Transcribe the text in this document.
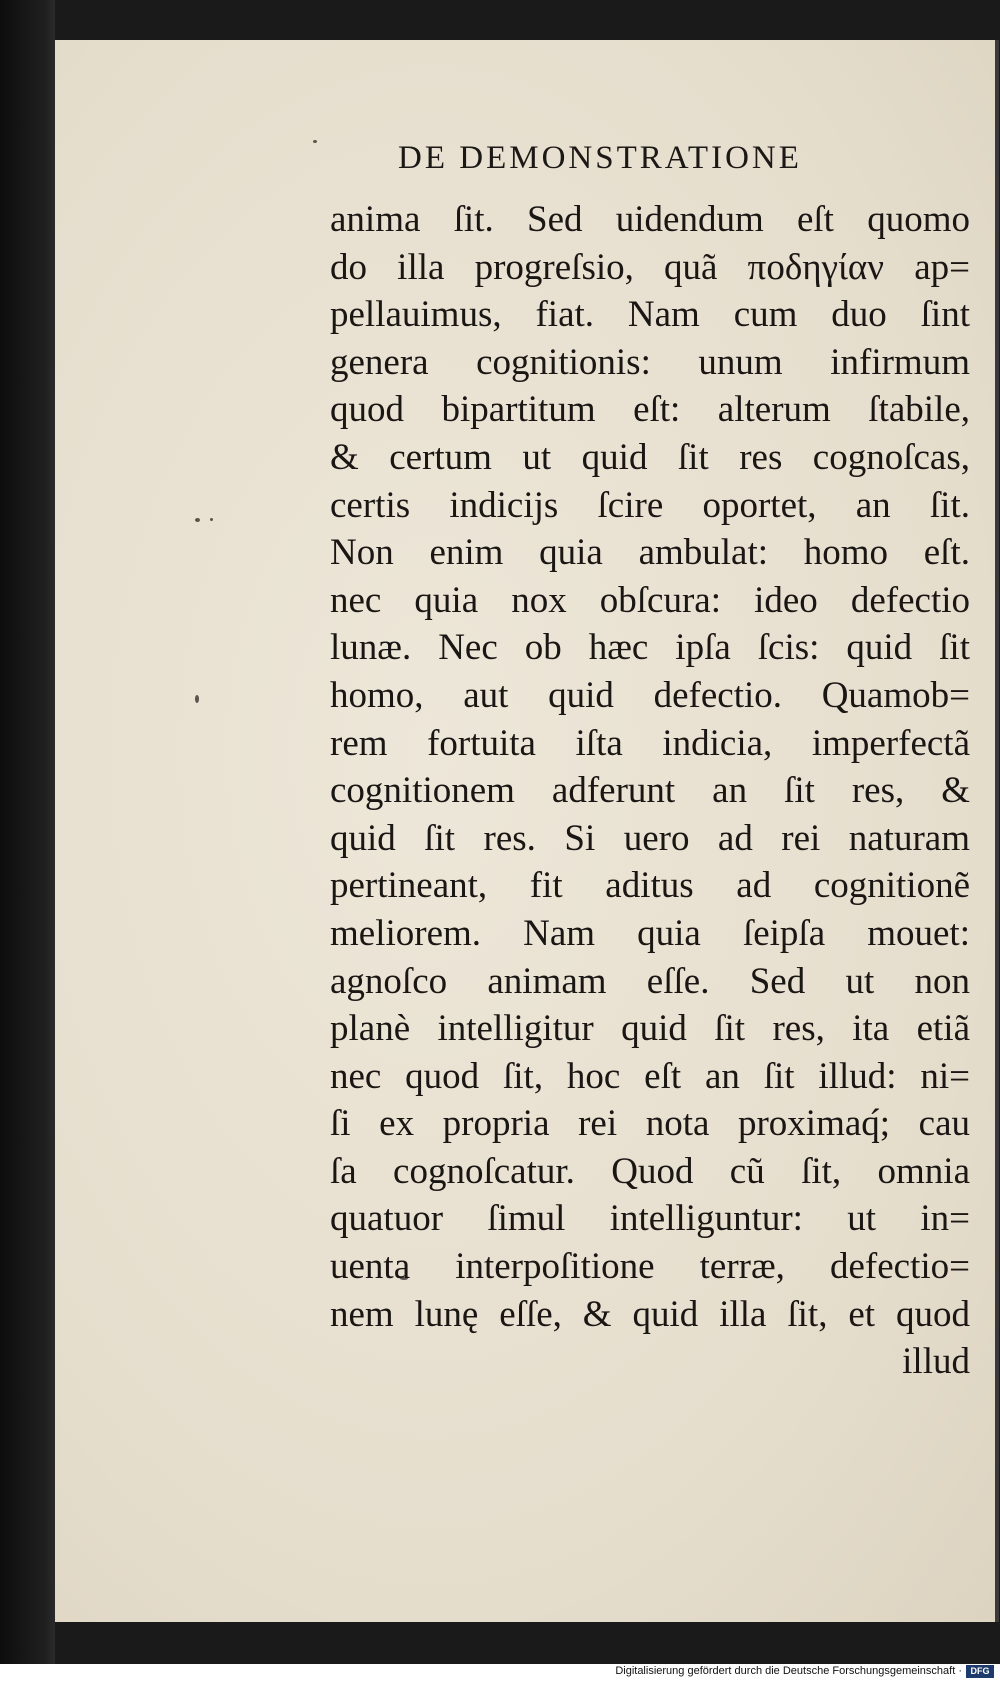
DE DEMONSTRATIONE
anima ſit. Sed uidendum eſt quomo
do illa progreſsio, quã ποδηγίαν ap=
pellauimus, fiat. Nam cum duo ſint
genera cognitionis: unum infirmum
quod bipartitum eſt: alterum ſtabile,
& certum ut quid ſit res cognoſcas,
certis indicijs ſcire oportet, an ſit.
Non enim quia ambulat: homo eſt.
nec quia nox obſcura: ideo defectio
lunæ. Nec ob hæc ipſa ſcis: quid ſit
homo, aut quid defectio. Quamob=
rem fortuita iſta indicia, imperfectã
cognitionem adferunt an ſit res, &
quid ſit res. Si uero ad rei naturam
pertineant, fit aditus ad cognitionẽ
meliorem. Nam quia ſeipſa mouet:
agnoſco animam eſſe. Sed ut non
planè intelligitur quid ſit res, ita etiã
nec quod ſit, hoc eſt an ſit illud: ni=
ſi ex propria rei nota proximaq́; cau
ſa cognoſcatur. Quod cũ ſit, omnia
quatuor ſimul intelliguntur: ut in=
uenta interpoſitione terræ, defectio=
nem lunę eſſe, & quid illa ſit, et quod
illud
Digitalisierung gefördert durch die Deutsche Forschungsgemeinschaft · DFG
